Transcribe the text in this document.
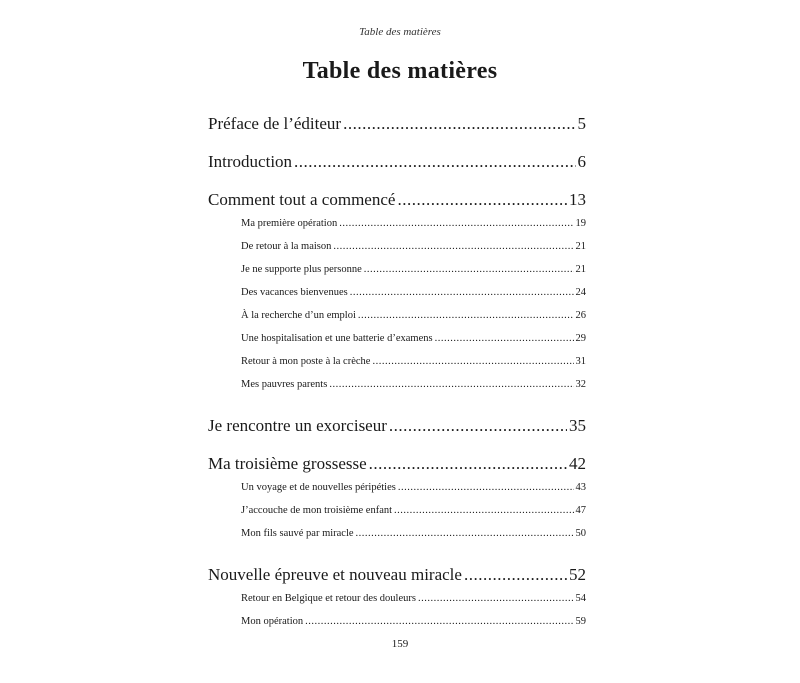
Table des matières
Table des matières
Préface de l’éditeur .....	5
Introduction .....	6
Comment tout a commencé .....	13
Ma première opération .....	19
De retour à la maison .....	21
Je ne supporte plus personne .....	21
Des vacances bienvenues .....	24
À la recherche d’un emploi .....	26
Une hospitalisation et une batterie d’examens .....	29
Retour à mon poste à la crèche .....	31
Mes pauvres parents .....	32
Je rencontre un exorciseur .....	35
Ma troisième grossesse .....	42
Un voyage et de nouvelles péripéties .....	43
J’accouche de mon troisième enfant .....	47
Mon fils sauvé par miracle .....	50
Nouvelle épreuve et nouveau miracle .....	52
Retour en Belgique et retour des douleurs .....	54
Mon opération .....	59
159
